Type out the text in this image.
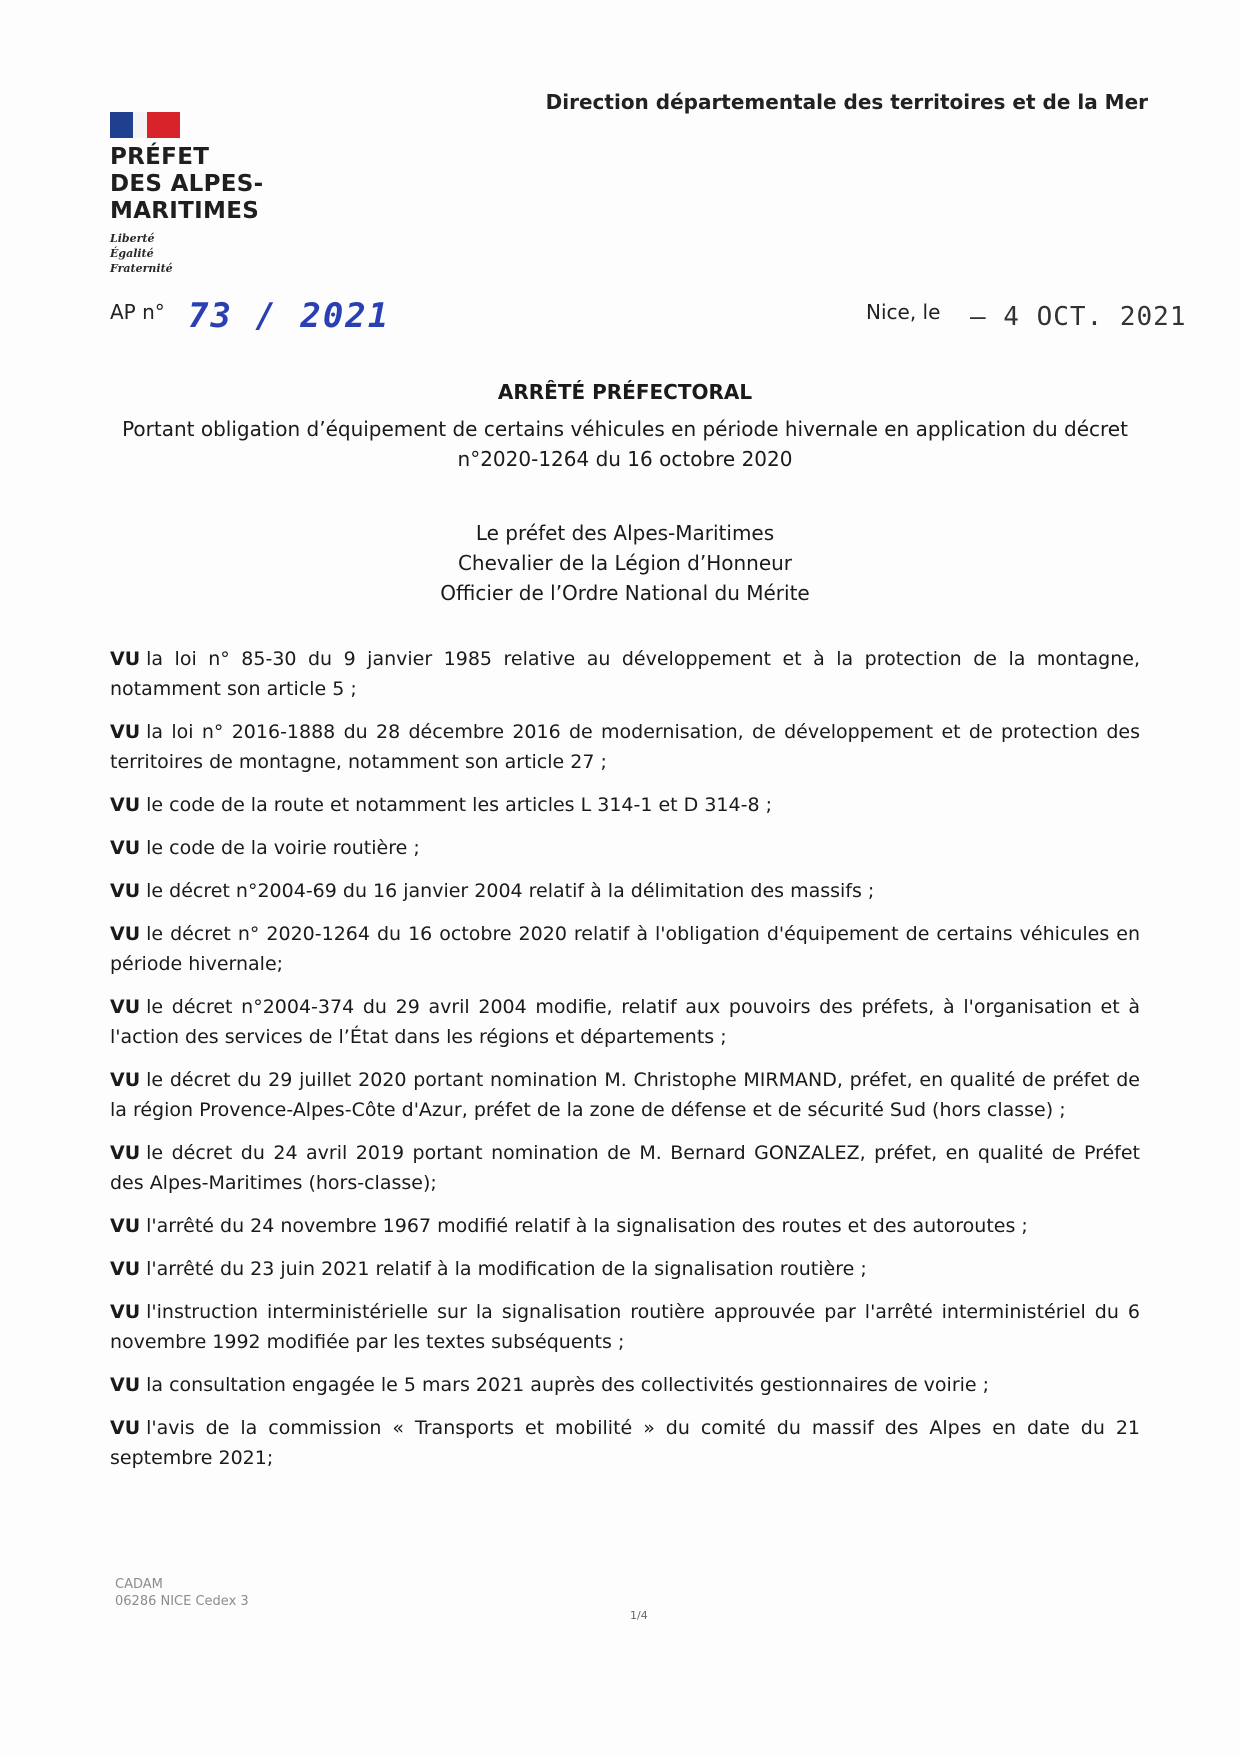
PRÉFET
DES ALPES-
MARITIMES
Liberté
Égalité
Fraternité
Direction départementale des territoires et de la Mer
AP n° 73 / 2021	Nice, le – 4 OCT. 2021
ARRÊTÉ PRÉFECTORAL
Portant obligation d’équipement de certains véhicules en période hivernale en application du décret
n°2020-1264 du 16 octobre 2020
Le préfet des Alpes-Maritimes
Chevalier de la Légion d’Honneur
Officier de l’Ordre National du Mérite

VU la loi n° 85-30 du 9 janvier 1985 relative au développement et à la protection de la montagne, notamment son article 5 ;

VU la loi n° 2016-1888 du 28 décembre 2016 de modernisation, de développement et de protection des territoires de montagne, notamment son article 27 ;

VU le code de la route et notamment les articles L 314-1 et D 314-8 ;

VU le code de la voirie routière ;

VU le décret n°2004-69 du 16 janvier 2004 relatif à la délimitation des massifs ;

VU le décret n° 2020-1264 du 16 octobre 2020 relatif à l'obligation d'équipement de certains véhicules en période hivernale;

VU le décret n°2004-374 du 29 avril 2004 modifie, relatif aux pouvoirs des préfets, à l'organisation et à l'action des services de l’État dans les régions et départements ;

VU le décret du 29 juillet 2020 portant nomination M. Christophe MIRMAND, préfet, en qualité de préfet de la région Provence-Alpes-Côte d'Azur, préfet de la zone de défense et de sécurité Sud (hors classe) ;

VU le décret du 24 avril 2019 portant nomination de M. Bernard GONZALEZ, préfet, en qualité de Préfet des Alpes-Maritimes (hors-classe);

VU l'arrêté du 24 novembre 1967 modifié relatif à la signalisation des routes et des autoroutes ;

VU l'arrêté du 23 juin 2021 relatif à la modification de la signalisation routière ;

VU l'instruction interministérielle sur la signalisation routière approuvée par l'arrêté interministériel du 6 novembre 1992 modifiée par les textes subséquents ;

VU la consultation engagée le 5 mars 2021 auprès des collectivités gestionnaires de voirie ;

VU l'avis de la commission « Transports et mobilité » du comité du massif des Alpes en date du 21 septembre 2021;

CADAM
06286 NICE Cedex 3
1/4
